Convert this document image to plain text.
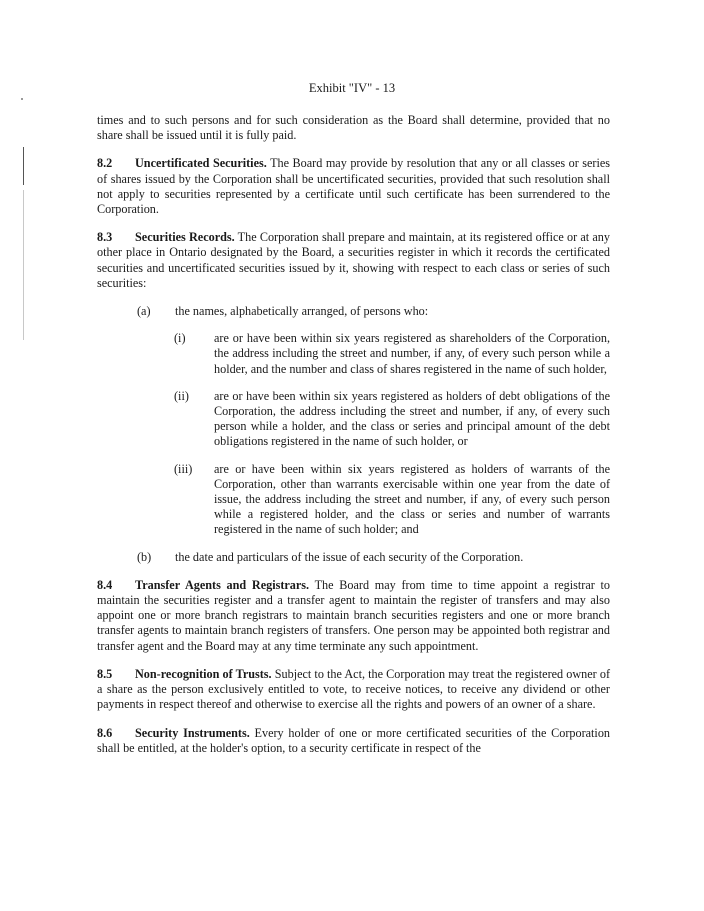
Exhibit "IV" - 13

times and to such persons and for such consideration as the Board shall determine, provided that no share shall be issued until it is fully paid.

8.2 Uncertificated Securities. The Board may provide by resolution that any or all classes or series of shares issued by the Corporation shall be uncertificated securities, provided that such resolution shall not apply to securities represented by a certificate until such certificate has been surrendered to the Corporation.

8.3 Securities Records. The Corporation shall prepare and maintain, at its registered office or at any other place in Ontario designated by the Board, a securities register in which it records the certificated securities and uncertificated securities issued by it, showing with respect to each class or series of such securities:

(a) the names, alphabetically arranged, of persons who:
(i) are or have been within six years registered as shareholders of the Corporation, the address including the street and number, if any, of every such person while a holder, and the number and class of shares registered in the name of such holder,
(ii) are or have been within six years registered as holders of debt obligations of the Corporation, the address including the street and number, if any, of every such person while a holder, and the class or series and principal amount of the debt obligations registered in the name of such holder, or
(iii) are or have been within six years registered as holders of warrants of the Corporation, other than warrants exercisable within one year from the date of issue, the address including the street and number, if any, of every such person while a registered holder, and the class or series and number of warrants registered in the name of such holder; and
(b) the date and particulars of the issue of each security of the Corporation.

8.4 Transfer Agents and Registrars. The Board may from time to time appoint a registrar to maintain the securities register and a transfer agent to maintain the register of transfers and may also appoint one or more branch registrars to maintain branch securities registers and one or more branch transfer agents to maintain branch registers of transfers. One person may be appointed both registrar and transfer agent and the Board may at any time terminate any such appointment.

8.5 Non-recognition of Trusts. Subject to the Act, the Corporation may treat the registered owner of a share as the person exclusively entitled to vote, to receive notices, to receive any dividend or other payments in respect thereof and otherwise to exercise all the rights and powers of an owner of a share.

8.6 Security Instruments. Every holder of one or more certificated securities of the Corporation shall be entitled, at the holder's option, to a security certificate in respect of the
